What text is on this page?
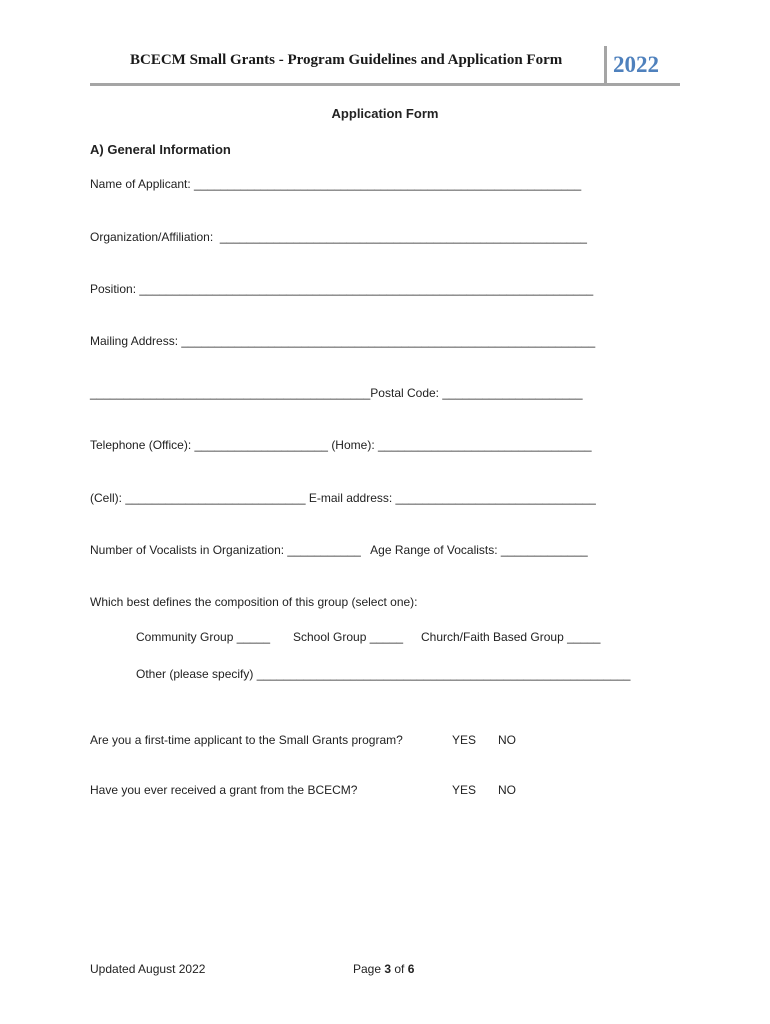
BCECM Small Grants - Program Guidelines and Application Form 2022
Application Form
A) General Information
Name of Applicant: __________________________________________________________
Organization/Affiliation:  _______________________________________________________
Position: ____________________________________________________________________
Mailing Address: ______________________________________________________________
__________________________________________Postal Code: _____________________
Telephone (Office): ____________________ (Home): ________________________________
(Cell): ___________________________ E-mail address: ______________________________
Number of Vocalists in Organization: ___________   Age Range of Vocalists: _____________
Which best defines the composition of this group (select one):
Community Group _____ School Group _____ Church/Faith Based Group _____
Other (please specify) ________________________________________________________
Are you a first-time applicant to the Small Grants program?	YES NO
Have you ever received a grant from the BCECM?	YES NO
Updated August 2022	Page 3 of 6
